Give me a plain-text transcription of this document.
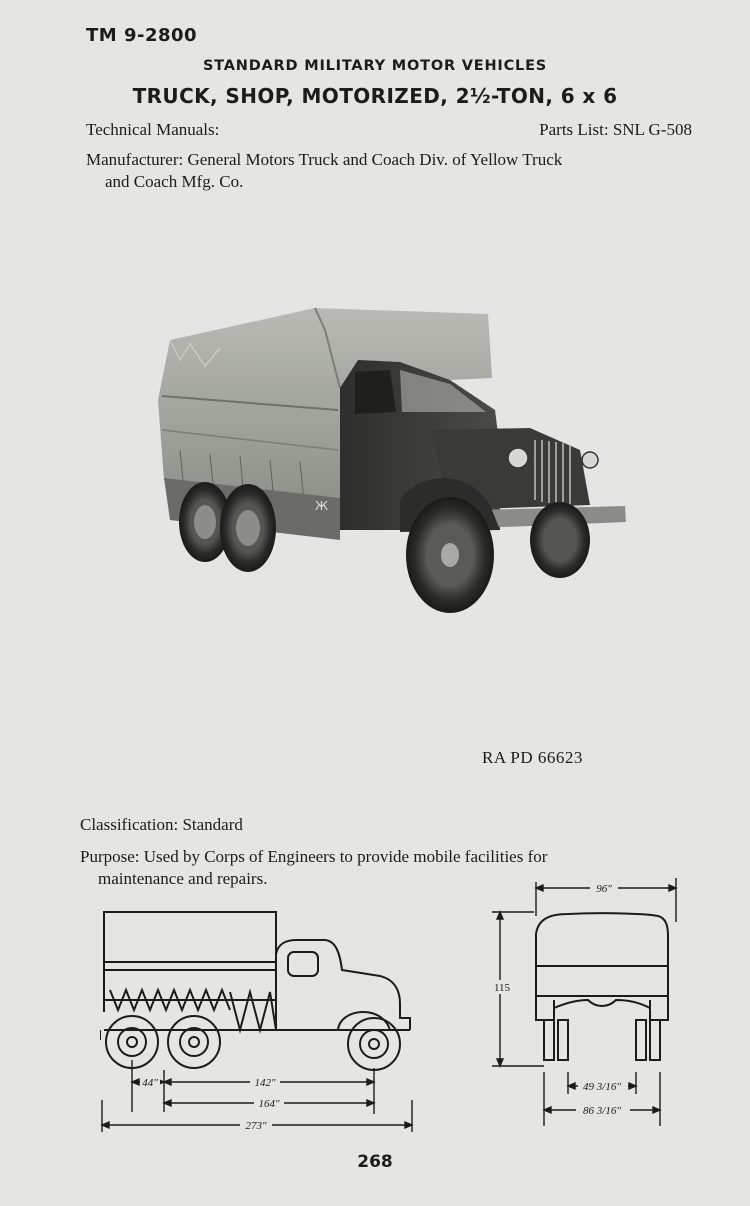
TM 9-2800
STANDARD MILITARY MOTOR VEHICLES
TRUCK, SHOP, MOTORIZED, 2½-TON, 6 x 6
Technical Manuals:	Parts List: SNL G-508
Manufacturer: General Motors Truck and Coach Div. of Yellow Truck
and Coach Mfg. Co.
Ж
RA PD 66623
Classification: Standard
Purpose: Used by Corps of Engineers to provide mobile facilities for
maintenance and repairs.
44″	142″
164″
273″
96″
115
49 3/16″
86 3/16″
268
